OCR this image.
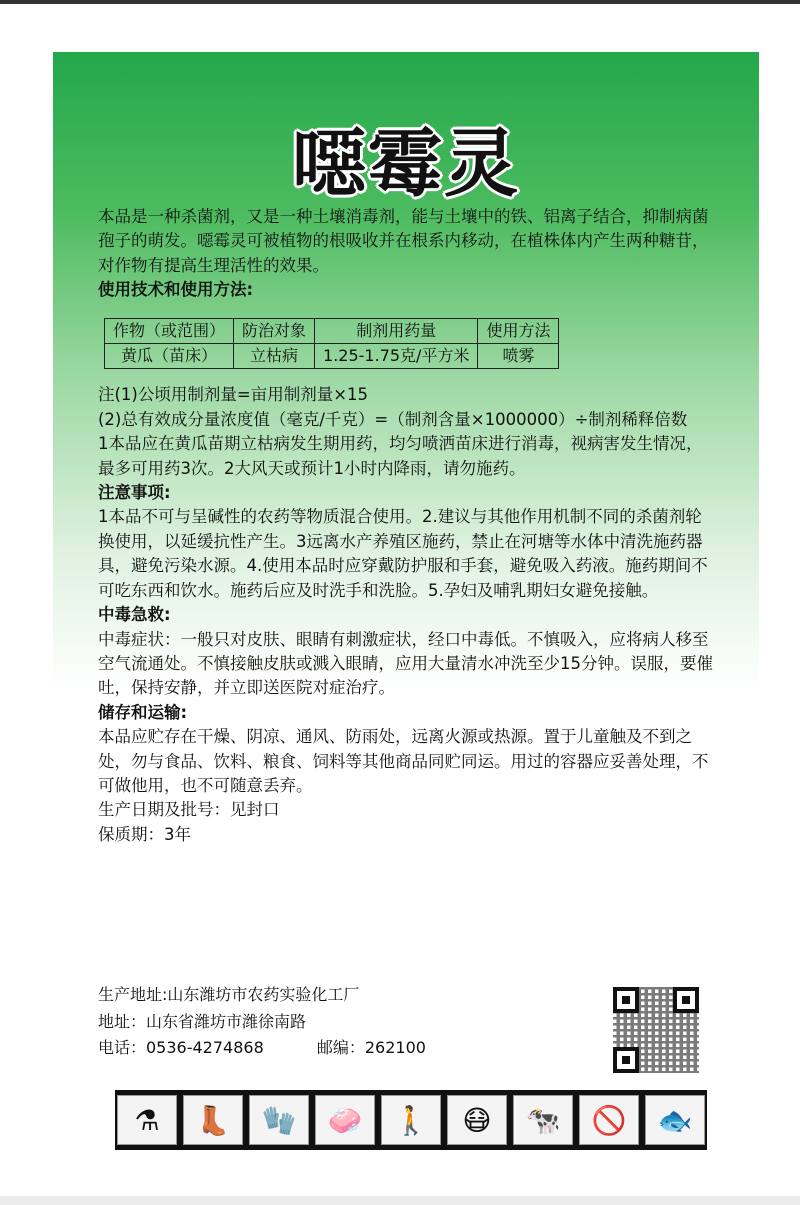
噁霉灵

本品是一种杀菌剂，又是一种土壤消毒剂，能与土壤中的铁、铝离子结合，抑制病菌孢子的萌发。噁霉灵可被植物的根吸收并在根系内移动，在植株体内产生两种糖苷，对作物有提高生理活性的效果。

使用技术和使用方法:

作物（或范围）	防治对象	制剂用药量	使用方法
黄瓜（苗床）	立枯病	1.25-1.75克/平方米	喷雾

注(1)公顷用制剂量=亩用制剂量×15

(2)总有效成分量浓度值（毫克/千克）=（制剂含量×1000000）÷制剂稀释倍数

1本品应在黄瓜苗期立枯病发生期用药，均匀喷洒苗床进行消毒，视病害发生情况，最多可用药3次。2大风天或预计1小时内降雨，请勿施药。

注意事项:

1本品不可与呈碱性的农药等物质混合使用。2.建议与其他作用机制不同的杀菌剂轮换使用，以延缓抗性产生。3远离水产养殖区施药，禁止在河塘等水体中清洗施药器具，避免污染水源。4.使用本品时应穿戴防护服和手套，避免吸入药液。施药期间不可吃东西和饮水。施药后应及时洗手和洗脸。5.孕妇及哺乳期妇女避免接触。

中毒急救:

中毒症状：一般只对皮肤、眼睛有刺激症状，经口中毒低。不慎吸入，应将病人移至空气流通处。不慎接触皮肤或溅入眼睛，应用大量清水冲洗至少15分钟。误服，要催吐，保持安静，并立即送医院对症治疗。

储存和运输:

本品应贮存在干燥、阴凉、通风、防雨处，远离火源或热源。置于儿童触及不到之处，勿与食品、饮料、粮食、饲料等其他商品同贮同运。用过的容器应妥善处理，不可做他用，也不可随意丢弃。

生产日期及批号：见封口

保质期：3年

生产地址:山东潍坊市农药实验化工厂
地址：山东省潍坊市潍徐南路
电话：0536-4274868	邮编：262100
⚗	👢	🧤	🧼	🚶	😷	🐄	🚫	🐟
